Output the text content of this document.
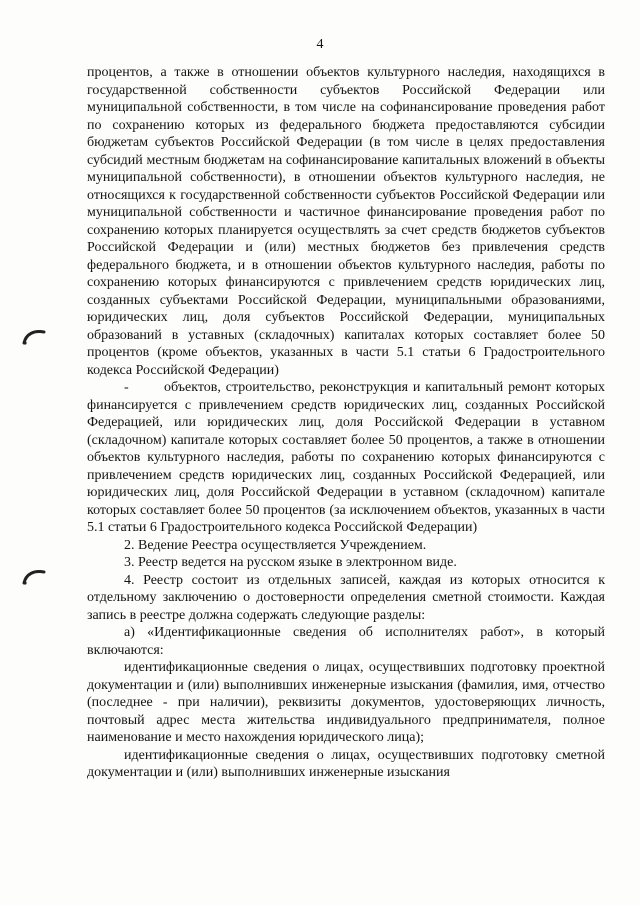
4

процентов, а также в отношении объектов культурного наследия, находящихся в государственной собственности субъектов Российской Федерации или муниципальной собственности, в том числе на софинансирование проведения работ по сохранению которых из федерального бюджета предоставляются субсидии бюджетам субъектов Российской Федерации (в том числе в целях предоставления субсидий местным бюджетам на софинансирование капитальных вложений в объекты муниципальной собственности), в отношении объектов культурного наследия, не относящихся к государственной собственности субъектов Российской Федерации или муниципальной собственности и частичное финансирование проведения работ по сохранению которых планируется осуществлять за счет средств бюджетов субъектов Российской Федерации и (или) местных бюджетов без привлечения средств федерального бюджета, и в отношении объектов культурного наследия, работы по сохранению которых финансируются с привлечением средств юридических лиц, созданных субъектами Российской Федерации, муниципальными образованиями, юридических лиц, доля субъектов Российской Федерации, муниципальных образований в уставных (складочных) капиталах которых составляет более 50 процентов (кроме объектов, указанных в части 5.1 статьи 6 Градостроительного кодекса Российской Федерации)

-	объектов, строительство, реконструкция и капитальный ремонт которых финансируется с привлечением средств юридических лиц, созданных Российской Федерацией, или юридических лиц, доля Российской Федерации в уставном (складочном) капитале которых составляет более 50 процентов, а также в отношении объектов культурного наследия, работы по сохранению которых финансируются с привлечением средств юридических лиц, созданных Российской Федерацией, или юридических лиц, доля Российской Федерации в уставном (складочном) капитале которых составляет более 50 процентов (за исключением объектов, указанных в части 5.1 статьи 6 Градостроительного кодекса Российской Федерации)

2. Ведение Реестра осуществляется Учреждением.

3. Реестр ведется на русском языке в электронном виде.

4. Реестр состоит из отдельных записей, каждая из которых относится к отдельному заключению о достоверности определения сметной стоимости. Каждая запись в реестре должна содержать следующие разделы:

а) «Идентификационные сведения об исполнителях работ», в который включаются:

идентификационные сведения о лицах, осуществивших подготовку проектной документации и (или) выполнивших инженерные изыскания (фамилия, имя, отчество (последнее - при наличии), реквизиты документов, удостоверяющих личность, почтовый адрес места жительства индивидуального предпринимателя, полное наименование и место нахождения юридического лица);

идентификационные сведения о лицах, осуществивших подготовку сметной документации и (или) выполнивших инженерные изыскания
